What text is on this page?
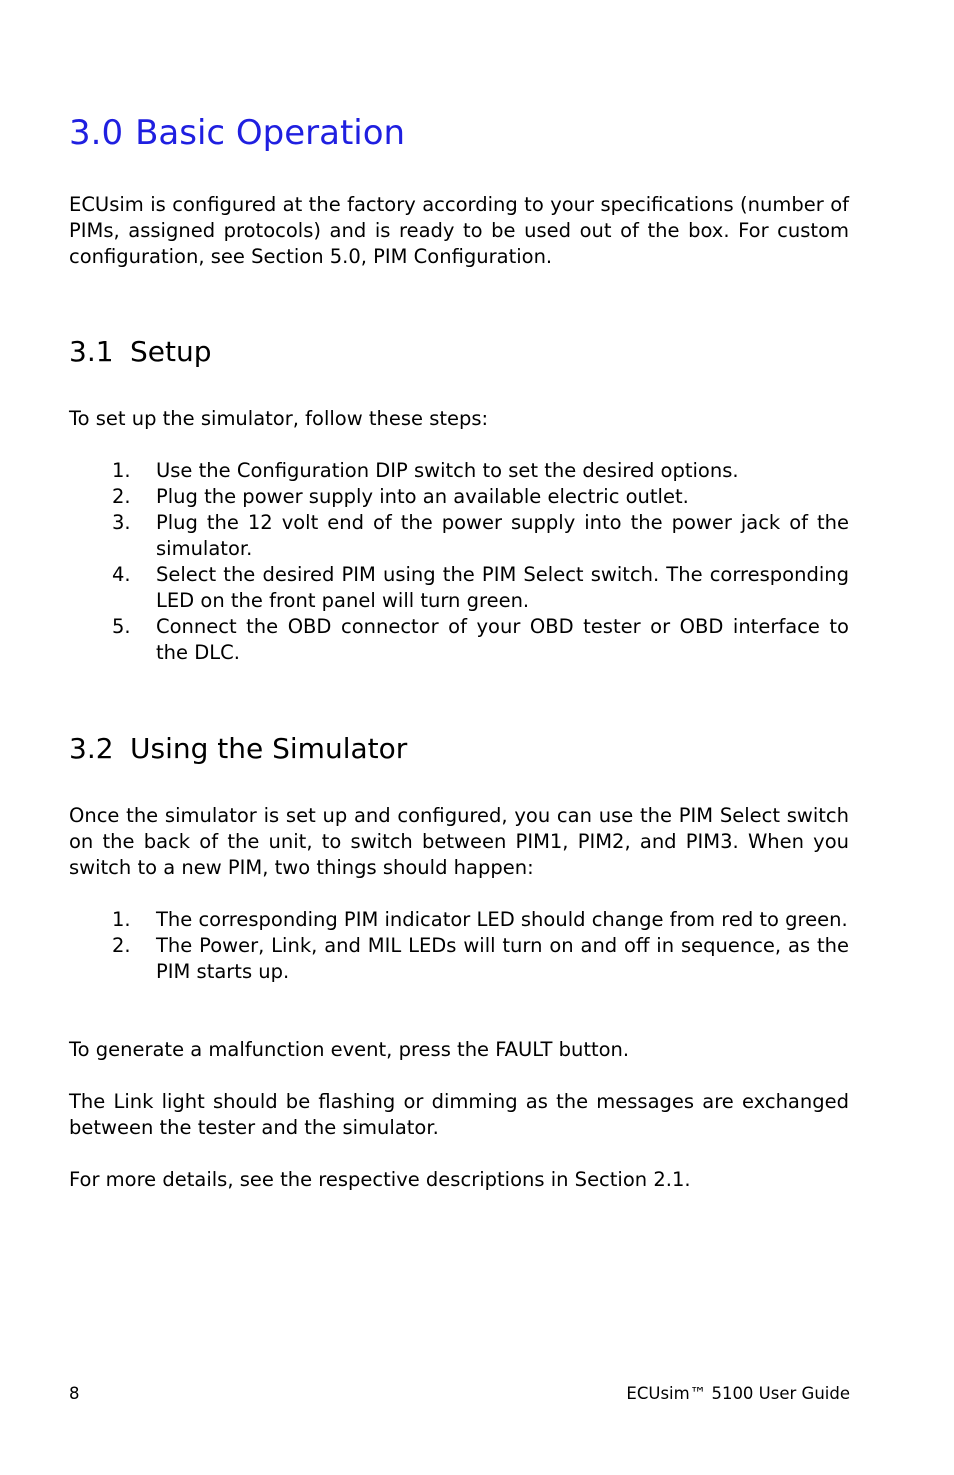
3.0 Basic Operation

ECUsim is configured at the factory according to your specifications (number of PIMs, assigned protocols) and is ready to be used out of the box. For custom configuration, see Section 5.0, PIM Configuration.

3.1 Setup

To set up the simulator, follow these steps:

1. Use the Configuration DIP switch to set the desired options.
2. Plug the power supply into an available electric outlet.
3. Plug the 12 volt end of the power supply into the power jack of the simulator.
4. Select the desired PIM using the PIM Select switch. The corresponding LED on the front panel will turn green.
5. Connect the OBD connector of your OBD tester or OBD interface to the DLC.
3.2 Using the Simulator

Once the simulator is set up and configured, you can use the PIM Select switch on the back of the unit, to switch between PIM1, PIM2, and PIM3. When you switch to a new PIM, two things should happen:

1. The corresponding PIM indicator LED should change from red to green.
2. The Power, Link, and MIL LEDs will turn on and off in sequence, as the PIM starts up.

To generate a malfunction event, press the FAULT button.

The Link light should be flashing or dimming as the messages are exchanged between the tester and the simulator.

For more details, see the respective descriptions in Section 2.1.

8	ECUsim™ 5100 User Guide
